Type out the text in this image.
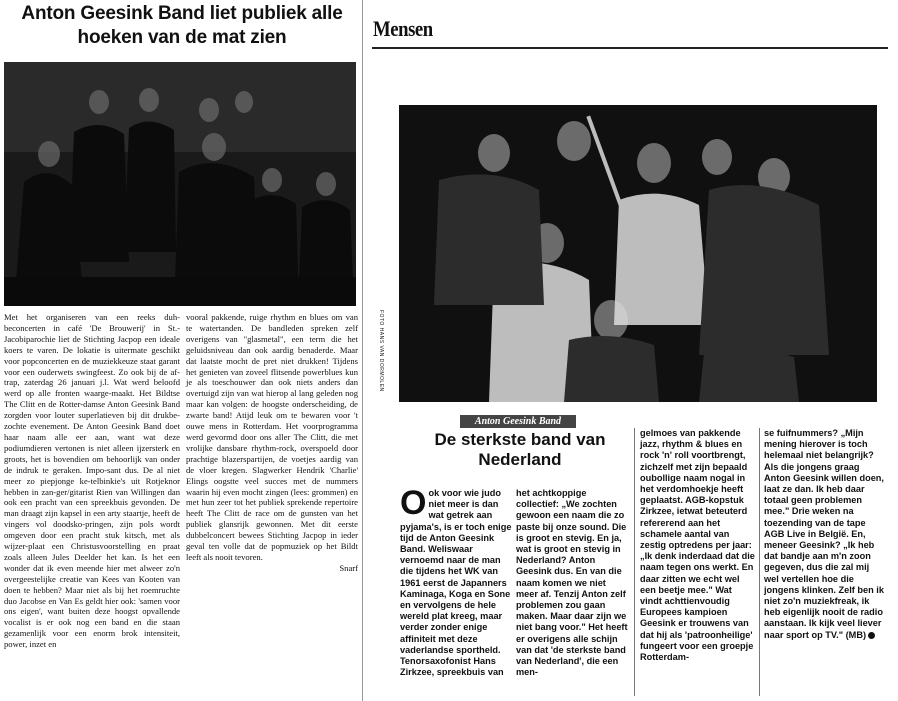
Anton Geesink Band liet publiek alle hoeken van de mat zien

Met het organiseren van een reeks duh-beconcerten in café 'De Brouwerij' in St.-Jacobiparochie liet de Stichting Jacpop een ideale koers te varen. De lokatie is uitermate geschikt voor popconcerten en de muziekkeuze staat garant voor een ouderwets swingfeest. Zo ook bij de af-trap, zaterdag 26 januari j.l. Wat werd beloofd werd op alle fronten waarge-maakt. Het Bildtse The Clitt en de Rotter-damse Anton Geesink Band zorgden voor louter superlatieven bij dit drukbe-zochte evenement. De Anton Geesink Band doet haar naam alle eer aan, want wat deze podiumdieren vertonen is niet alleen ijzersterk en groots, het is bovendien om behoorlijk van onder de indruk te geraken. Impo-sant dus. De al niet meer zo piepjonge ke-telbinkie's uit Rotjeknor hebben in zan-ger/gitarist Rien van Willingen dan ook een pracht van een spreekbuis gevonden. De man draagt zijn kapsel in een arty staartje, heeft de vingers vol doodsko-pringen, zijn pols wordt omgeven door een pracht stuk kitsch, met als wijzer-plaat een Christusvoorstelling en praat zoals alleen Jules Deelder het kan. Is het een wonder dat ik even meende hier met alweer zo'n overgeestelijke creatie van Kees van Kooten van doen te hebben? Maar niet als bij het roemruchte duo Jacobse en Van Es geldt hier ook: 'samen voor ons eigen', want buiten deze hoogst opvallende vocalist is er ook nog een band en die staan gezamenlijk voor een enorm brok intensiteit, power, inzet en

vooral pakkende, ruige rhythm en blues om van te watertanden. De bandleden spreken zelf overigens van "glasmetal", een term die het geluidsniveau dan ook aardig benaderde. Maar dat laatste mocht de pret niet drukken! Tijdens het genieten van zoveel flitsende powerblues kun je als toeschouwer dan ook niets anders dan overtuigd zijn van wat hierop al lang geleden nog maar kan volgen: de hoogste onderscheiding, de zwarte band! Atijd leuk om te bewaren voor 't ouwe mens in Rotterdam. Het voorprogramma werd gevormd door ons aller The Clitt, die met vrolijke dansbare rhythm-rock, overspoeld door prachtige blazerspartijen, de voetjes aardig van de vloer kregen. Slagwerker Hendrik 'Charlie' Elings oogstte veel succes met de nummers waarin hij even mocht zingen (lees: grommen) en met hun zeer tot het publiek sprekende repertoire heeft The Clitt de race om de gunsten van het publiek glansrijk gewonnen. Met dit eerste dubbelconcert bewees Stichting Jacpop in ieder geval ten volle dat de popmuziek op het Bildt leeft als nooit tevoren.

Snarf
Mensen
FOTO HANS VAN DORMOLEN
Anton Geesink Band
De sterkste band van Nederland
O ok voor wie judo niet meer is dan wat getrek aan pyjama's, is er toch enige tijd de Anton Geesink Band. Weliswaar vernoemd naar de man die tijdens het WK van 1961 eerst de Japanners Kaminaga, Koga en Sone en vervolgens de hele wereld plat kreeg, maar verder zonder enige affiniteit met deze vaderlandse sportheld. Tenorsaxofonist Hans Zirkzee, spreekbuis van

het achtkoppige collectief: „We zochten gewoon een naam die zo paste bij onze sound. Die is groot en stevig. En ja, wat is groot en stevig in Nederland? Anton Geesink dus. En van die naam komen we niet meer af. Tenzij Anton zelf problemen zou gaan maken. Maar daar zijn we niet bang voor." Het heeft er overigens alle schijn van dat 'de sterkste band van Nederland', die een men-

gelmoes van pakkende jazz, rhythm & blues en rock 'n' roll voortbrengt, zichzelf met zijn bepaald oubollige naam nogal in het verdomhoekje heeft geplaatst. AGB-kopstuk Zirkzee, ietwat beteuterd refererend aan het schamele aantal van zestig optredens per jaar: „Ik denk inderdaad dat die naam tegen ons werkt. En daar zitten we echt wel een beetje mee." Wat vindt achttienvoudig Europees kampioen Geesink er trouwens van dat hij als 'patroonheilige' fungeert voor een groepje Rotterdam-

se fuifnummers? „Mijn mening hierover is toch helemaal niet belangrijk? Als die jongens graag Anton Geesink willen doen, laat ze dan. Ik heb daar totaal geen problemen mee." Drie weken na toezending van de tape AGB Live in België. En, meneer Geesink? „Ik heb dat bandje aan m'n zoon gegeven, dus die zal mij wel vertellen hoe die jongens klinken. Zelf ben ik niet zo'n muziekfreak, ik heb eigenlijk nooit de radio aanstaan. Ik kijk veel liever naar sport op TV." (MB)
